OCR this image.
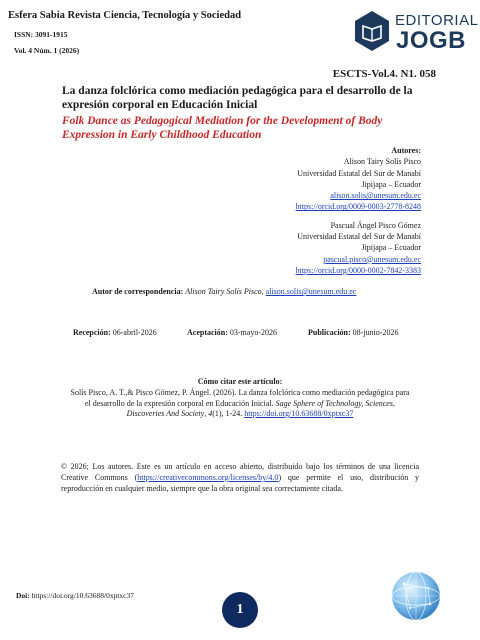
Esfera Sabia Revista Ciencia, Tecnología y Sociedad
ISSN: 3091-1915
Vol. 4 Núm. 1 (2026)
EDITORIAL
JOGB
ESCTS-Vol.4. N1. 058
La danza folclórica como mediación pedagógica para el desarrollo de la expresión corporal en Educación Inicial
Folk Dance as Pedagogical Mediation for the Development of Body Expression in Early Childhood Education
Autores:
Alison Tairy Solís Pisco
Universidad Estatal del Sur de Manabí
Jipijapa – Ecuador
alison.solis@unesum.edu.ec
https://orcid.org/0009-0003-2778-8248
Pascual Ángel Pisco Gómez
Universidad Estatal del Sur de Manabí
Jipijapa – Ecuador
pascual.pisco@unesum.edu.ec
https://orcid.org/0000-0002-7842-3383
Autor de correspondencia: Alison Tairy Solís Pisco, alison.solis@unesum.edu.ec
Recepción: 06-abril-2026	Aceptación: 03-mayo-2026	Publicación: 08-junio-2026
Cómo citar este artículo:
Solís Pisco, A. T.,& Pisco Gómez, P. Ángel. (2026). La danza folclórica como mediación pedagógica para el desarrollo de la expresión corporal en Educación Inicial. Sage Sphere of Technology, Sciences, Discoveries And Society, 4(1), 1-24. https://doi.org/10.63688/0xptxc37
© 2026; Los autores. Este es un artículo en acceso abierto, distribuido bajo los términos de una licencia Creative Commons (https://creativecommons.org/licenses/by/4.0) que permite el uso, distribución y reproducción en cualquier medio, siempre que la obra original sea correctamente citada.
Doi: https://doi.org/10.63688/0xptxc37
1
